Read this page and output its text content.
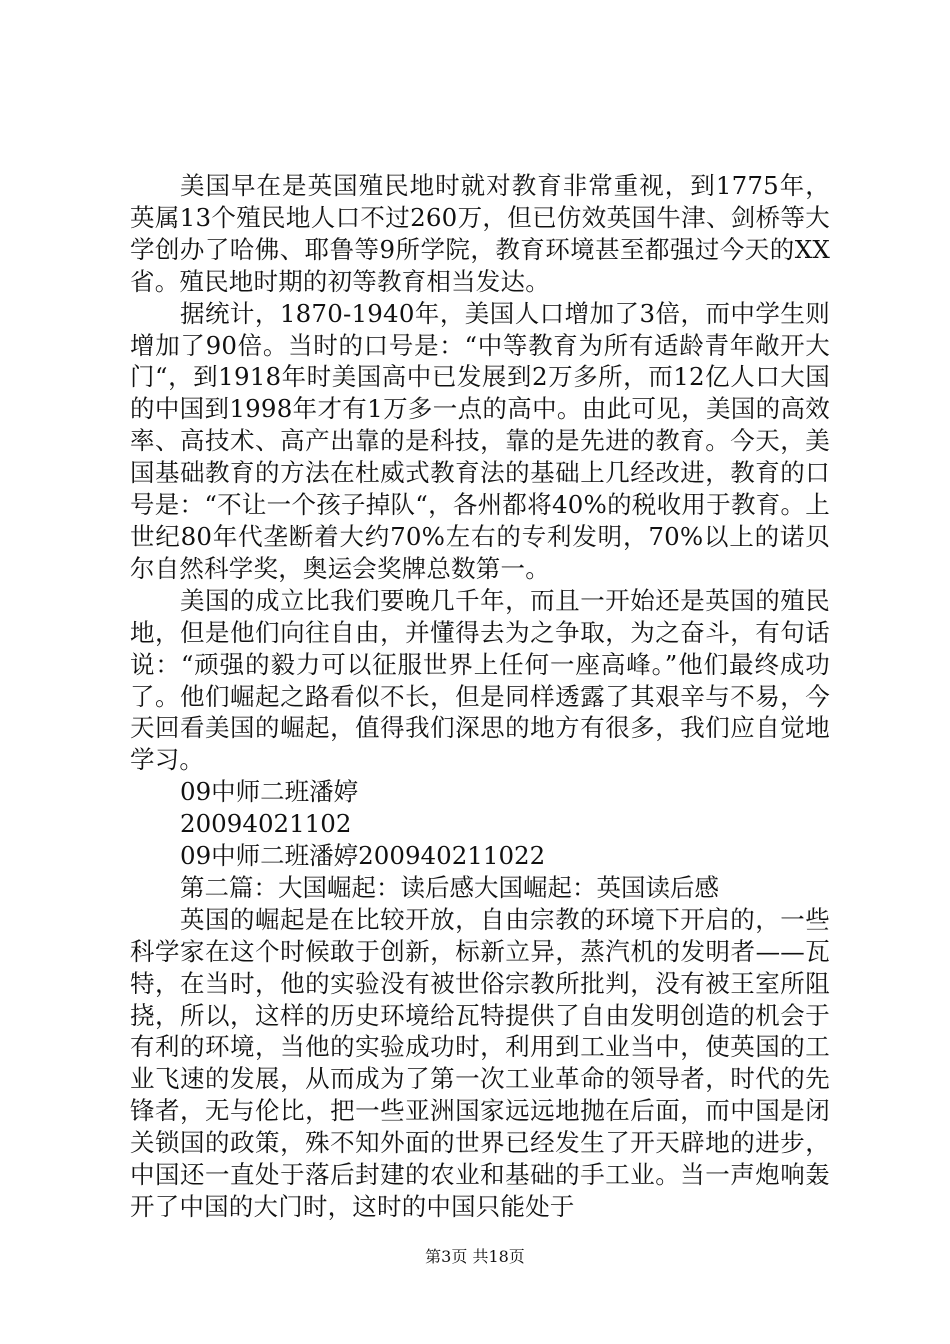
美国早在是英国殖民地时就对教育非常重视，到1775年，英属13个殖民地人口不过260万，但已仿效英国牛津、剑桥等大学创办了哈佛、耶鲁等9所学院，教育环境甚至都强过今天的XX省。殖民地时期的初等教育相当发达。

据统计，1870-1940年，美国人口增加了3倍，而中学生则增加了90倍。当时的口号是：“中等教育为所有适龄青年敞开大门“，到1918年时美国高中已发展到2万多所，而12亿人口大国的中国到1998年才有1万多一点的高中。由此可见，美国的高效率、高技术、高产出靠的是科技，靠的是先进的教育。今天，美国基础教育的方法在杜威式教育法的基础上几经改进，教育的口号是：“不让一个孩子掉队“，各州都将40%的税收用于教育。上世纪80年代垄断着大约70%左右的专利发明，70%以上的诺贝尔自然科学奖，奥运会奖牌总数第一。

美国的成立比我们要晚几千年，而且一开始还是英国的殖民地，但是他们向往自由，并懂得去为之争取，为之奋斗，有句话说：“顽强的毅力可以征服世界上任何一座高峰。”他们最终成功了。他们崛起之路看似不长，但是同样透露了其艰辛与不易，今天回看美国的崛起，值得我们深思的地方有很多，我们应自觉地学习。

09中师二班潘婷

20094021102

09中师二班潘婷200940211022

第二篇：大国崛起：读后感大国崛起：英国读后感

英国的崛起是在比较开放，自由宗教的环境下开启的，一些科学家在这个时候敢于创新，标新立异，蒸汽机的发明者——瓦特，在当时，他的实验没有被世俗宗教所批判，没有被王室所阻挠，所以，这样的历史环境给瓦特提供了自由发明创造的机会于有利的环境，当他的实验成功时，利用到工业当中，使英国的工业飞速的发展，从而成为了第一次工业革命的领导者，时代的先锋者，无与伦比，把一些亚洲国家远远地抛在后面，而中国是闭关锁国的政策，殊不知外面的世界已经发生了开天辟地的进步，中国还一直处于落后封建的农业和基础的手工业。当一声炮响轰开了中国的大门时，这时的中国只能处于

第3页 共18页
